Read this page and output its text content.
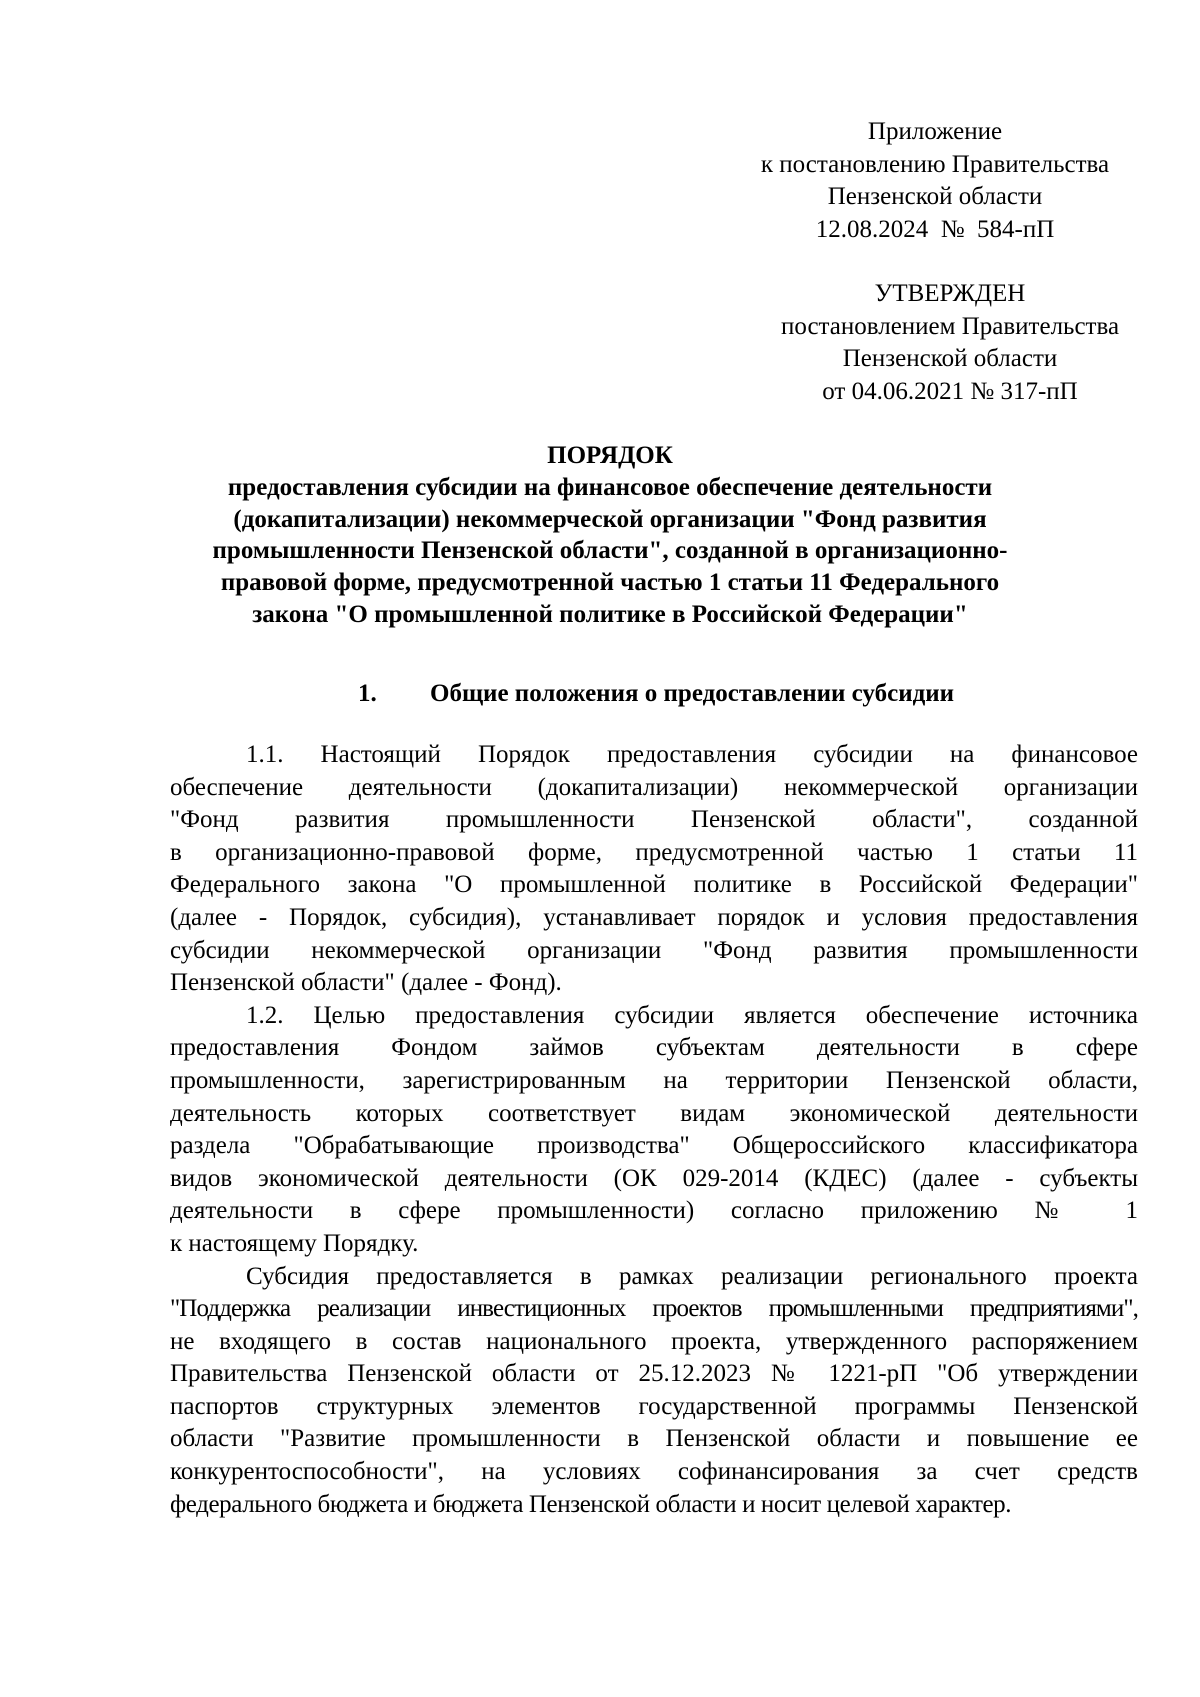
Приложение
к постановлению Правительства
Пензенской области
12.08.2024  №  584-пП
УТВЕРЖДЕН
постановлением Правительства
Пензенской области
от 04.06.2021 № 317-пП
ПОРЯДОК
предоставления субсидии на финансовое обеспечение деятельности
(докапитализации) некоммерческой организации "Фонд развития
промышленности Пензенской области", созданной в организационно-
правовой форме, предусмотренной частью 1 статьи 11 Федерального
закона "О промышленной политике в Российской Федерации"
1. Общие положения о предоставлении субсидии
1.1. Настоящий Порядок предоставления субсидии на финансовое
обеспечение деятельности (докапитализации) некоммерческой организации
"Фонд развития промышленности Пензенской области", созданной
в организационно-правовой форме, предусмотренной частью 1 статьи 11
Федерального закона "О промышленной политике в Российской Федерации"
(далее - Порядок, субсидия), устанавливает порядок и условия предоставления
субсидии некоммерческой организации "Фонд развития промышленности
Пензенской области" (далее - Фонд).
1.2. Целью предоставления субсидии является обеспечение источника
предоставления Фондом займов субъектам деятельности в сфере
промышленности, зарегистрированным на территории Пензенской области,
деятельность которых соответствует видам экономической деятельности
раздела "Обрабатывающие производства" Общероссийского классификатора
видов экономической деятельности (ОК 029-2014 (КДЕС) (далее - субъекты
деятельности в сфере промышленности) согласно приложению № 1
к настоящему Порядку.
Субсидия предоставляется в рамках реализации регионального проекта
"Поддержка реализации инвестиционных проектов промышленными предприятиями",
не входящего в состав национального проекта, утвержденного распоряжением
Правительства Пензенской области от 25.12.2023 № 1221-рП "Об утверждении
паспортов структурных элементов государственной программы Пензенской
области "Развитие промышленности в Пензенской области и повышение ее
конкурентоспособности", на условиях софинансирования за счет средств
федерального бюджета и бюджета Пензенской области и носит целевой характер.
